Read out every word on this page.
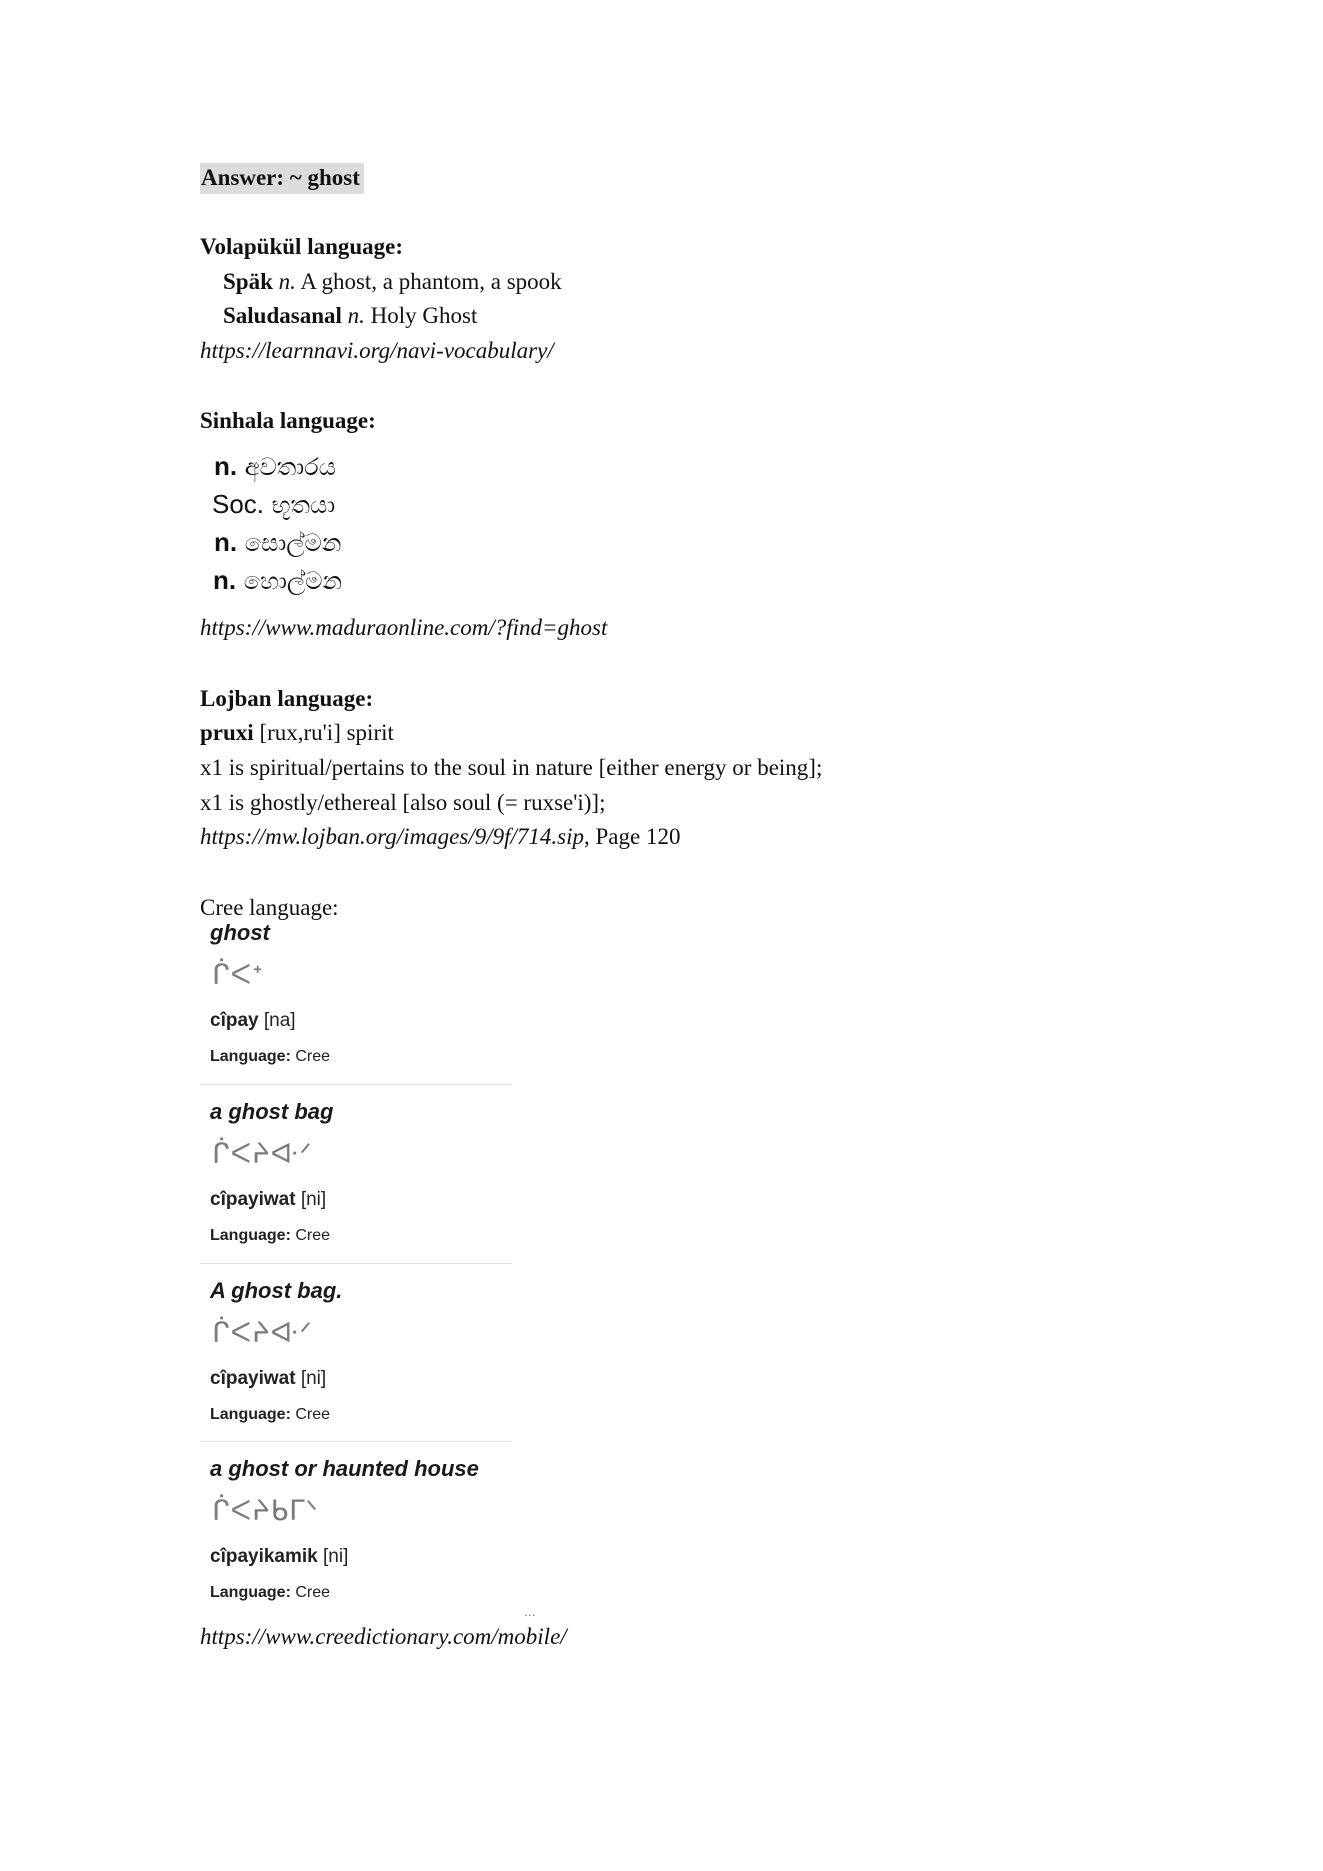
Answer: ~ ghost
Volapükül language:
Späk n. A ghost, a phantom, a spook
Saludasanal n. Holy Ghost
https://learnnavi.org/navi-vocabulary/
Sinhala language:
n. අවතාරය
Soc. භූතයා
n. සොල්මන
n. හොල්මන
https://www.maduraonline.com/?find=ghost
Lojban language:
pruxi [rux,ru'i] spirit
x1 is spiritual/pertains to the soul in nature [either energy or being];
x1 is ghostly/ethereal [also soul (= ruxse'i)];
https://mw.lojban.org/images/9/9f/714.sip, Page 120
Cree language:
ghost
ᒌᐸᕀ
cîpay [na]
Language: Cree
a ghost bag
ᒌᐸᔨᐘᐟ
cîpayiwat [ni]
Language: Cree
A ghost bag.
ᒌᐸᔨᐘᐟ
cîpayiwat [ni]
Language: Cree
a ghost or haunted house
ᒌᐸᔨᑲᒥᐠ
cîpayikamik [ni]
Language: Cree
...
https://www.creedictionary.com/mobile/
